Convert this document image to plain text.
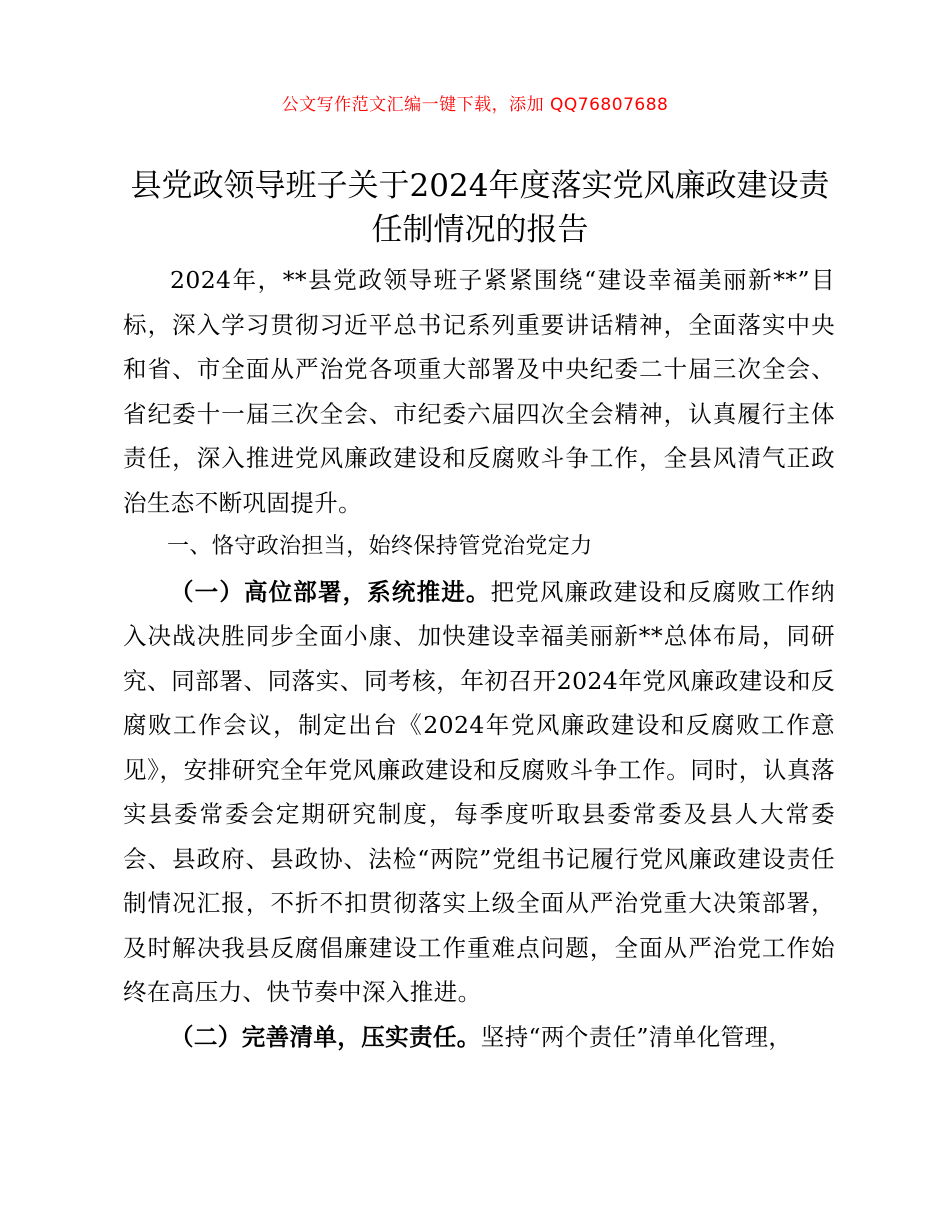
公文写作范文汇编一键下载，添加 QQ76807688
县党政领导班子关于2024年度落实党风廉政建设责任制情况的报告

2024年，**县党政领导班子紧紧围绕“建设幸福美丽新**”目标，深入学习贯彻习近平总书记系列重要讲话精神，全面落实中央和省、市全面从严治党各项重大部署及中央纪委二十届三次全会、省纪委十一届三次全会、市纪委六届四次全会精神，认真履行主体责任，深入推进党风廉政建设和反腐败斗争工作，全县风清气正政治生态不断巩固提升。

一、恪守政治担当，始终保持管党治党定力

（一）高位部署，系统推进。把党风廉政建设和反腐败工作纳入决战决胜同步全面小康、加快建设幸福美丽新**总体布局，同研究、同部署、同落实、同考核，年初召开2024年党风廉政建设和反腐败工作会议，制定出台《2024年党风廉政建设和反腐败工作意见》，安排研究全年党风廉政建设和反腐败斗争工作。同时，认真落实县委常委会定期研究制度，每季度听取县委常委及县人大常委会、县政府、县政协、法检“两院”党组书记履行党风廉政建设责任制情况汇报，不折不扣贯彻落实上级全面从严治党重大决策部署，及时解决我县反腐倡廉建设工作重难点问题，全面从严治党工作始终在高压力、快节奏中深入推进。

（二）完善清单，压实责任。坚持“两个责任”清单化管理，
